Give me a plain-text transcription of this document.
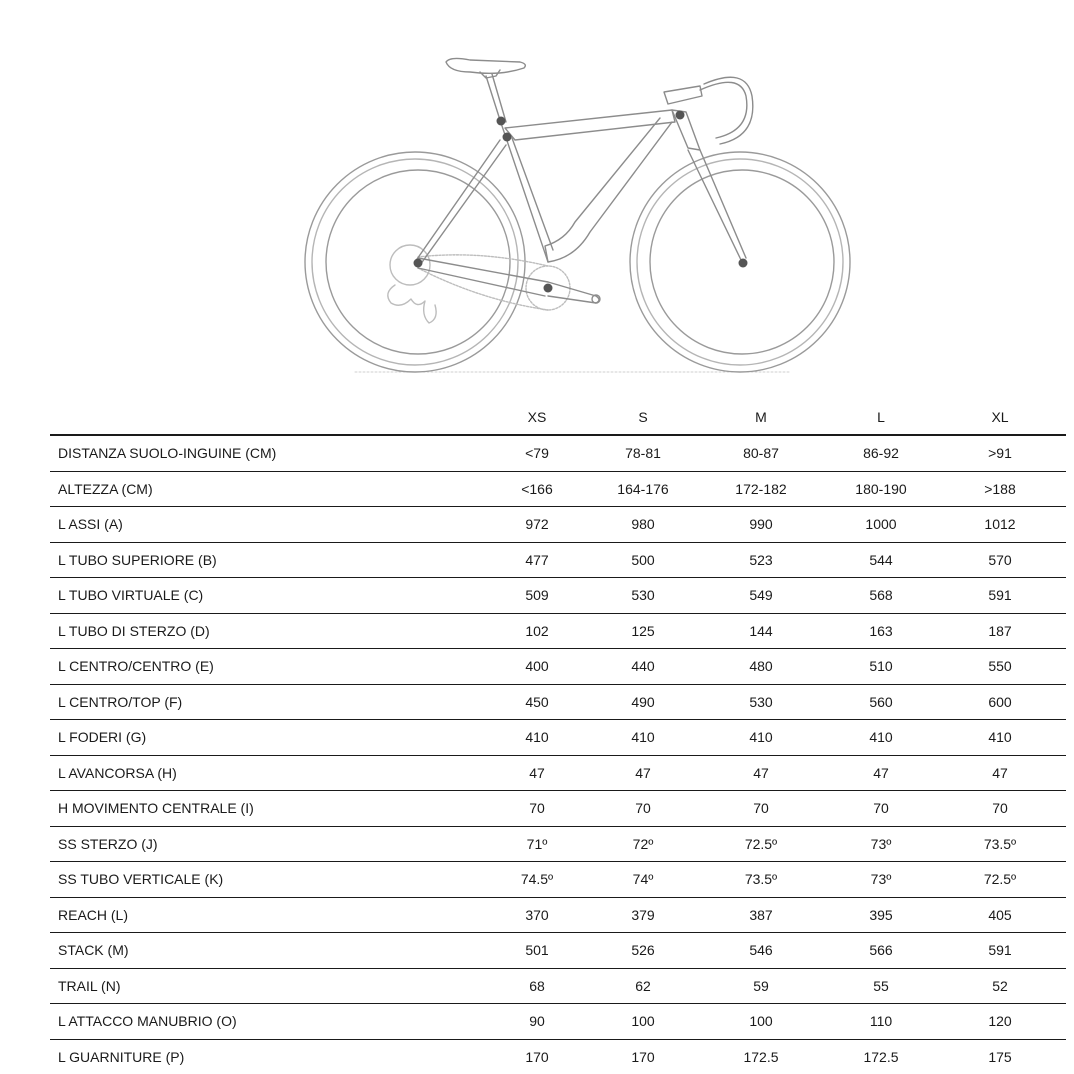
	XS	S	M	L	XL
DISTANZA SUOLO-INGUINE (CM)	<79	78-81	80-87	86-92	>91
ALTEZZA (CM)	<166	164-176	172-182	180-190	>188
L ASSI (A)	972	980	990	1000	1012
L TUBO SUPERIORE (B)	477	500	523	544	570
L TUBO VIRTUALE (C)	509	530	549	568	591
L TUBO DI STERZO (D)	102	125	144	163	187
L CENTRO/CENTRO (E)	400	440	480	510	550
L CENTRO/TOP (F)	450	490	530	560	600
L FODERI (G)	410	410	410	410	410
L AVANCORSA (H)	47	47	47	47	47
H MOVIMENTO CENTRALE (I)	70	70	70	70	70
SS STERZO (J)	71º	72º	72.5º	73º	73.5º
SS TUBO VERTICALE (K)	74.5º	74º	73.5º	73º	72.5º
REACH (L)	370	379	387	395	405
STACK (M)	501	526	546	566	591
TRAIL (N)	68	62	59	55	52
L ATTACCO MANUBRIO (O)	90	100	100	110	120
L GUARNITURE (P)	170	170	172.5	172.5	175
